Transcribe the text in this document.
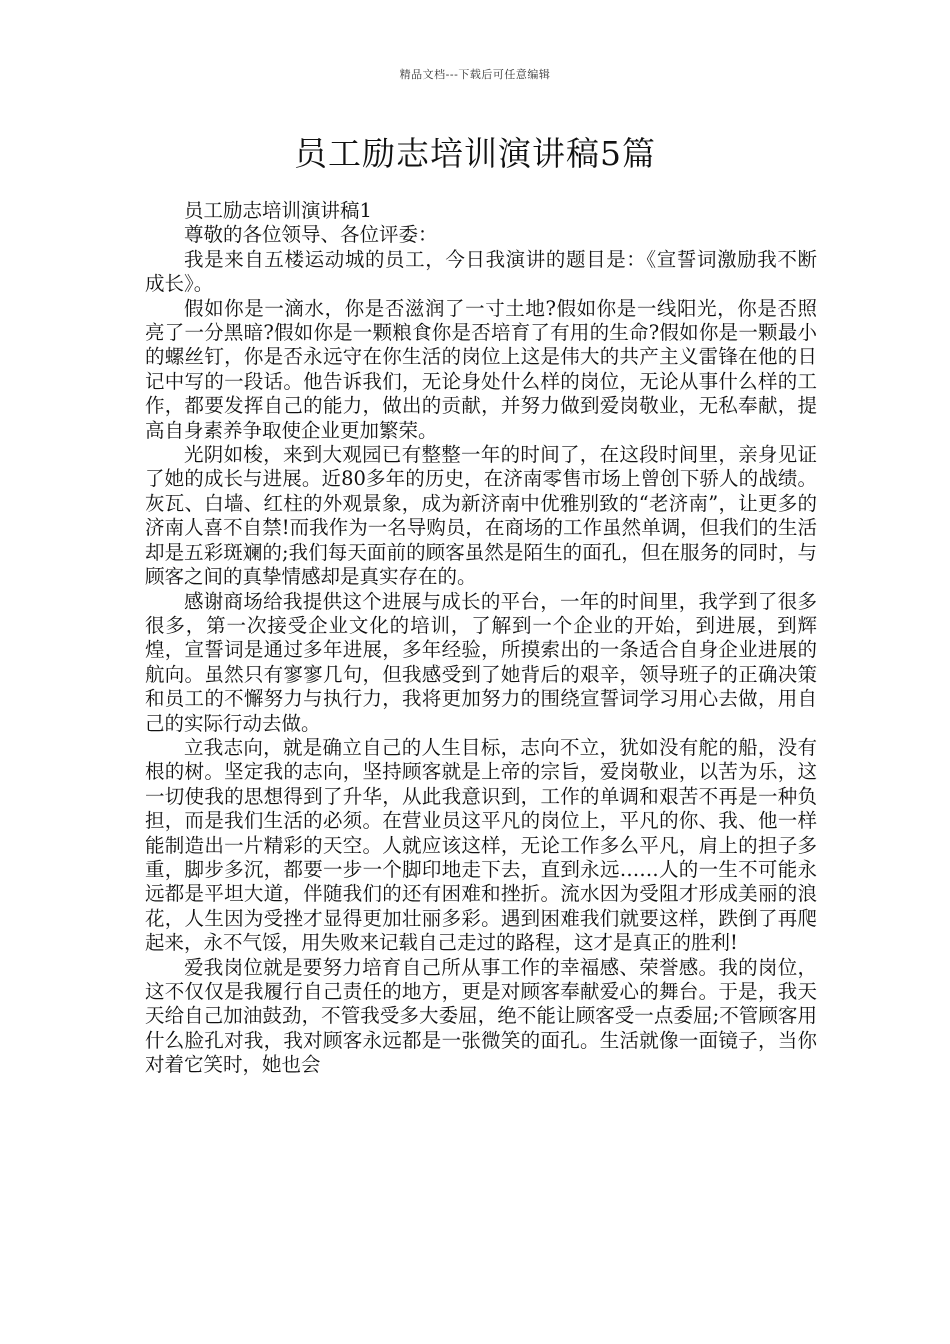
精品文档---下载后可任意编辑
员工励志培训演讲稿5篇

员工励志培训演讲稿1

尊敬的各位领导、各位评委：

我是来自五楼运动城的员工，今日我演讲的题目是：《宣誓词激励我不断成长》。

假如你是一滴水，你是否滋润了一寸土地?假如你是一线阳光，你是否照亮了一分黑暗?假如你是一颗粮食你是否培育了有用的生命?假如你是一颗最小的螺丝钉，你是否永远守在你生活的岗位上这是伟大的共产主义雷锋在他的日记中写的一段话。他告诉我们，无论身处什么样的岗位，无论从事什么样的工作，都要发挥自己的能力，做出的贡献，并努力做到爱岗敬业，无私奉献，提高自身素养争取使企业更加繁荣。

光阴如梭，来到大观园已有整整一年的时间了，在这段时间里，亲身见证了她的成长与进展。近80多年的历史，在济南零售市场上曾创下骄人的战绩。灰瓦、白墙、红柱的外观景象，成为新济南中优雅别致的“老济南”，让更多的济南人喜不自禁!而我作为一名导购员，在商场的工作虽然单调，但我们的生活却是五彩斑斓的;我们每天面前的顾客虽然是陌生的面孔，但在服务的同时，与顾客之间的真挚情感却是真实存在的。

感谢商场给我提供这个进展与成长的平台，一年的时间里，我学到了很多很多，第一次接受企业文化的培训，了解到一个企业的开始，到进展，到辉煌，宣誓词是通过多年进展，多年经验，所摸索出的一条适合自身企业进展的航向。虽然只有寥寥几句，但我感受到了她背后的艰辛，领导班子的正确决策和员工的不懈努力与执行力，我将更加努力的围绕宣誓词学习用心去做，用自己的实际行动去做。

立我志向，就是确立自己的人生目标，志向不立，犹如没有舵的船，没有根的树。坚定我的志向，坚持顾客就是上帝的宗旨，爱岗敬业，以苦为乐，这一切使我的思想得到了升华，从此我意识到，工作的单调和艰苦不再是一种负担，而是我们生活的必须。在营业员这平凡的岗位上，平凡的你、我、他一样能制造出一片精彩的天空。人就应该这样，无论工作多么平凡，肩上的担子多重，脚步多沉，都要一步一个脚印地走下去，直到永远……人的一生不可能永远都是平坦大道，伴随我们的还有困难和挫折。流水因为受阻才形成美丽的浪花，人生因为受挫才显得更加壮丽多彩。遇到困难我们就要这样，跌倒了再爬起来，永不气馁，用失败来记载自己走过的路程，这才是真正的胜利!

爱我岗位就是要努力培育自己所从事工作的幸福感、荣誉感。我的岗位，这不仅仅是我履行自己责任的地方，更是对顾客奉献爱心的舞台。于是，我天天给自己加油鼓劲，不管我受多大委屈，绝不能让顾客受一点委屈;不管顾客用什么脸孔对我，我对顾客永远都是一张微笑的面孔。生活就像一面镜子，当你对着它笑时，她也会
